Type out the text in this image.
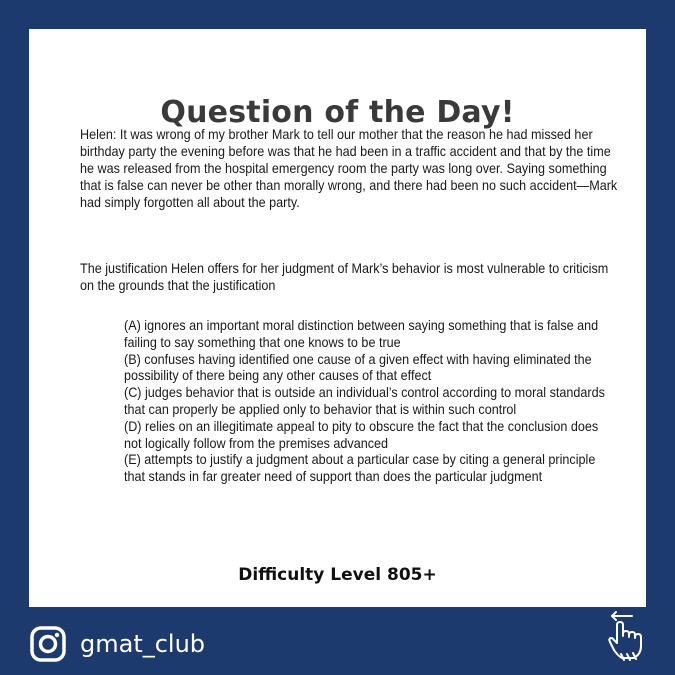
Question of the Day!

Helen: It was wrong of my brother Mark to tell our mother that the reason he had missed her birthday party the evening before was that he had been in a traffic accident and that by the time he was released from the hospital emergency room the party was long over. Saying something that is false can never be other than morally wrong, and there had been no such accident—Mark had simply forgotten all about the party.

The justification Helen offers for her judgment of Mark’s behavior is most vulnerable to criticism on the grounds that the justification

(A) ignores an important moral distinction between saying something that is false and failing to say something that one knows to be true
(B) confuses having identified one cause of a given effect with having eliminated the possibility of there being any other causes of that effect
(C) judges behavior that is outside an individual’s control according to moral standards that can properly be applied only to behavior that is within such control
(D) relies on an illegitimate appeal to pity to obscure the fact that the conclusion does not logically follow from the premises advanced
(E) attempts to justify a judgment about a particular case by citing a general principle that stands in far greater need of support than does the particular judgment
Difficulty Level 805+
gmat_club
